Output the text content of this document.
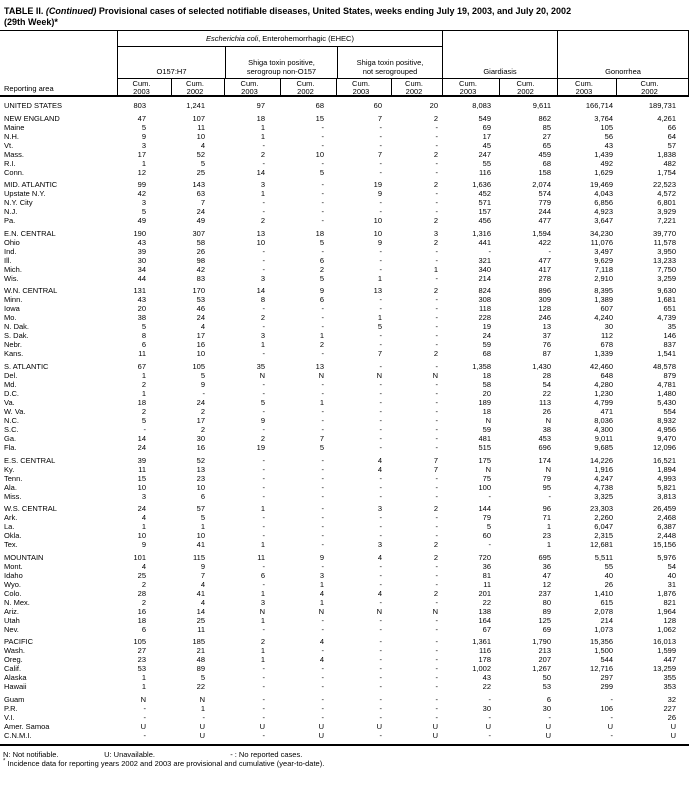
TABLE II. (Continued) Provisional cases of selected notifiable diseases, United States, weeks ending July 19, 2003, and July 20, 2002
(29th Week)*
Reporting area
Escherichia coli , Enterohemorrhagic (EHEC)
Giardiasis	Gonorrhea
O157:H7
Shiga toxin positive,
serogroup non-O157
Shiga toxin positive,
not serogrouped
Cum.
2003
Cum.
2002
Cum.
2003
Cum.
2002
Cum.
2003
Cum.
2002
Cum.
2003
Cum.
2002
Cum.
2003
Cum.
2002
UNITED STATES	803	1,241	97	68	60	20	8,083	9,611	166,714	189,731
NEW ENGLAND	47	107	18	15	7	2	549	862	3,764	4,261
Maine	5	11	1	-	-	-	69	85	105	66
N.H.	9	10	1	-	-	-	17	27	56	64
Vt.	3	4	-	-	-	-	45	65	43	57
Mass.	17	52	2	10	7	2	247	459	1,439	1,838
R.I.	1	5	-	-	-	-	55	68	492	482
Conn.	12	25	14	5	-	-	116	158	1,629	1,754
MID. ATLANTIC	99	143	3	-	19	2	1,636	2,074	19,469	22,523
Upstate N.Y.	42	63	1	-	9	-	452	574	4,043	4,572
N.Y. City	3	7	-	-	-	-	571	779	6,856	6,801
N.J.	5	24	-	-	-	-	157	244	4,923	3,929
Pa.	49	49	2	-	10	2	456	477	3,647	7,221
E.N. CENTRAL	190	307	13	18	10	3	1,316	1,594	34,230	39,770
Ohio	43	58	10	5	9	2	441	422	11,076	11,578
Ind.	39	26	-	-	-	-	-	-	3,497	3,950
Ill.	30	98	-	6	-	-	321	477	9,629	13,233
Mich.	34	42	-	2	-	1	340	417	7,118	7,750
Wis.	44	83	3	5	1	-	214	278	2,910	3,259
W.N. CENTRAL	131	170	14	9	13	2	824	896	8,395	9,630
Minn.	43	53	8	6	-	-	308	309	1,389	1,681
Iowa	20	46	-	-	-	-	118	128	607	651
Mo.	38	24	2	-	1	-	228	246	4,240	4,739
N. Dak.	5	4	-	-	5	-	19	13	30	35
S. Dak.	8	17	3	1	-	-	24	37	112	146
Nebr.	6	16	1	2	-	-	59	76	678	837
Kans.	11	10	-	-	7	2	68	87	1,339	1,541
S. ATLANTIC	67	105	35	13	-	-	1,358	1,430	42,460	48,578
Del.	1	5	N	N	N	N	18	28	648	879
Md.	2	9	-	-	-	-	58	54	4,280	4,781
D.C.	1	-	-	-	-	-	20	22	1,230	1,480
Va.	18	24	5	1	-	-	189	113	4,799	5,430
W. Va.	2	2	-	-	-	-	18	26	471	554
N.C.	5	17	9	-	-	-	N	N	8,036	8,932
S.C.	-	2	-	-	-	-	59	38	4,300	4,956
Ga.	14	30	2	7	-	-	481	453	9,011	9,470
Fla.	24	16	19	5	-	-	515	696	9,685	12,096
E.S. CENTRAL	39	52	-	-	4	7	175	174	14,226	16,521
Ky.	11	13	-	-	4	7	N	N	1,916	1,894
Tenn.	15	23	-	-	-	-	75	79	4,247	4,993
Ala.	10	10	-	-	-	-	100	95	4,738	5,821
Miss.	3	6	-	-	-	-	-	-	3,325	3,813
W.S. CENTRAL	24	57	1	-	3	2	144	96	23,303	26,459
Ark.	4	5	-	-	-	-	79	71	2,260	2,468
La.	1	1	-	-	-	-	5	1	6,047	6,387
Okla.	10	10	-	-	-	-	60	23	2,315	2,448
Tex.	9	41	1	-	3	2	-	1	12,681	15,156
MOUNTAIN	101	115	11	9	4	2	720	695	5,511	5,976
Mont.	4	9	-	-	-	-	36	36	55	54
Idaho	25	7	6	3	-	-	81	47	40	40
Wyo.	2	4	-	1	-	-	11	12	26	31
Colo.	28	41	1	4	4	2	201	237	1,410	1,876
N. Mex.	2	4	3	1	-	-	22	80	615	821
Ariz.	16	14	N	N	N	N	138	89	2,078	1,964
Utah	18	25	1	-	-	-	164	125	214	128
Nev.	6	11	-	-	-	-	67	69	1,073	1,062
PACIFIC	105	185	2	4	-	-	1,361	1,790	15,356	16,013
Wash.	27	21	1	-	-	-	116	213	1,500	1,599
Oreg.	23	48	1	4	-	-	178	207	544	447
Calif.	53	89	-	-	-	-	1,002	1,267	12,716	13,259
Alaska	1	5	-	-	-	-	43	50	297	355
Hawaii	1	22	-	-	-	-	22	53	299	353
Guam	N	N	-	-	-	-	-	6	-	32
P.R.	-	1	-	-	-	-	30	30	106	227
V.I.	-	-	-	-	-	-	-	-	-	26
Amer. Samoa	U	U	U	U	U	U	U	U	U	U
C.N.M.I.	-	U	-	U	-	U	-	U	-	U
N: Not notifiable.	U: Unavailable.	- : No reported cases.
* Incidence data for reporting years 2002 and 2003 are provisional and cumulative (year-to-date).
